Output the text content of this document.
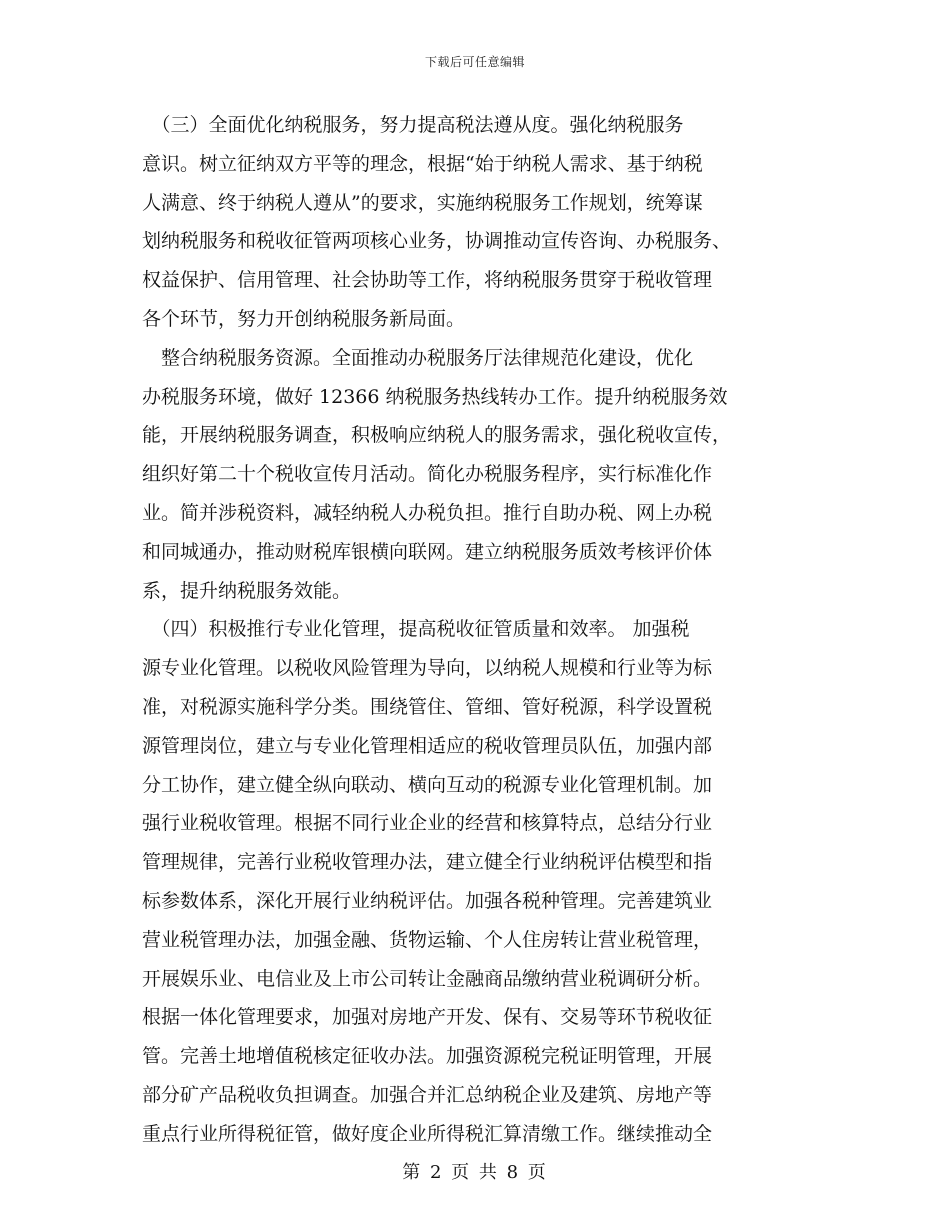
下载后可任意编辑
　（三）全面优化纳税服务，努力提高税法遵从度。强化纳税服务
意识。树立征纳双方平等的理念，根据“始于纳税人需求、基于纳税
人满意、终于纳税人遵从”的要求，实施纳税服务工作规划，统筹谋
划纳税服务和税收征管两项核心业务，协调推动宣传咨询、办税服务、
权益保护、信用管理、社会协助等工作，将纳税服务贯穿于税收管理
各个环节，努力开创纳税服务新局面。
　整合纳税服务资源。全面推动办税服务厅法律规范化建设，优化
办税服务环境，做好 12366 纳税服务热线转办工作。提升纳税服务效
能，开展纳税服务调查，积极响应纳税人的服务需求，强化税收宣传，
组织好第二十个税收宣传月活动。简化办税服务程序，实行标准化作
业。简并涉税资料，减轻纳税人办税负担。推行自助办税、网上办税
和同城通办，推动财税库银横向联网。建立纳税服务质效考核评价体
系，提升纳税服务效能。
　（四）积极推行专业化管理，提高税收征管质量和效率。 加强税
源专业化管理。以税收风险管理为导向，以纳税人规模和行业等为标
准，对税源实施科学分类。围绕管住、管细、管好税源，科学设置税
源管理岗位，建立与专业化管理相适应的税收管理员队伍，加强内部
分工协作，建立健全纵向联动、横向互动的税源专业化管理机制。加
强行业税收管理。根据不同行业企业的经营和核算特点，总结分行业
管理规律，完善行业税收管理办法，建立健全行业纳税评估模型和指
标参数体系，深化开展行业纳税评估。加强各税种管理。完善建筑业
营业税管理办法，加强金融、货物运输、个人住房转让营业税管理，
开展娱乐业、电信业及上市公司转让金融商品缴纳营业税调研分析。
根据一体化管理要求，加强对房地产开发、保有、交易等环节税收征
管。完善土地增值税核定征收办法。加强资源税完税证明管理，开展
部分矿产品税收负担调查。加强合并汇总纳税企业及建筑、房地产等
重点行业所得税征管，做好度企业所得税汇算清缴工作。继续推动全
第 2 页 共 8 页
